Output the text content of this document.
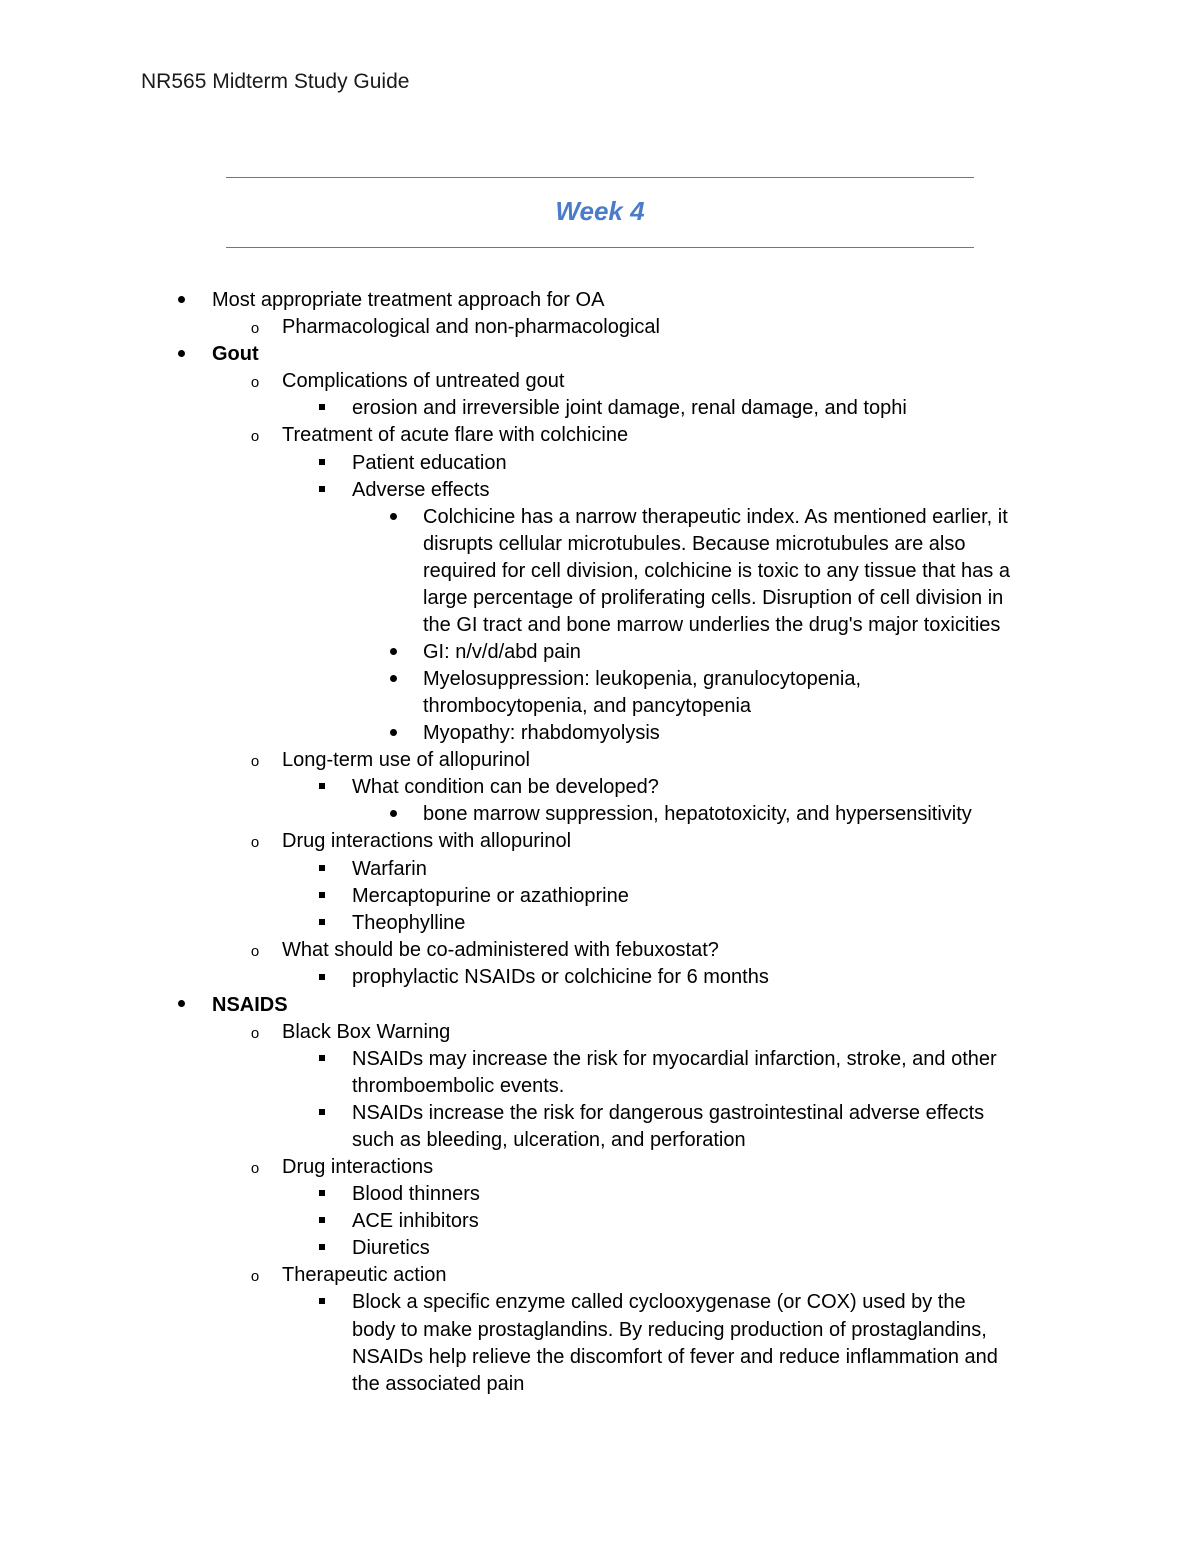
NR565 Midterm Study Guide
Week 4
Most appropriate treatment approach for OA
o	Pharmacological and non-pharmacological
Gout
o	Complications of untreated gout
erosion and irreversible joint damage, renal damage, and tophi
o	Treatment of acute flare with colchicine
Patient education
Adverse effects
Colchicine has a narrow therapeutic index. As mentioned earlier, it
disrupts cellular microtubules. Because microtubules are also
required for cell division, colchicine is toxic to any tissue that has a
large percentage of proliferating cells. Disruption of cell division in
the GI tract and bone marrow underlies the drug's major toxicities
GI: n/v/d/abd pain
Myelosuppression: leukopenia, granulocytopenia,
thrombocytopenia, and pancytopenia
Myopathy: rhabdomyolysis
o	Long-term use of allopurinol
What condition can be developed?
bone marrow suppression, hepatotoxicity, and hypersensitivity
o	Drug interactions with allopurinol
Warfarin
Mercaptopurine or azathioprine
Theophylline
o	What should be co-administered with febuxostat?
prophylactic NSAIDs or colchicine for 6 months
NSAIDS
o	Black Box Warning
NSAIDs may increase the risk for myocardial infarction, stroke, and other
thromboembolic events.
NSAIDs increase the risk for dangerous gastrointestinal adverse effects
such as bleeding, ulceration, and perforation
o	Drug interactions
Blood thinners
ACE inhibitors
Diuretics
o	Therapeutic action
Block a specific enzyme called cyclooxygenase (or COX) used by the
body to make prostaglandins. By reducing production of prostaglandins,
NSAIDs help relieve the discomfort of fever and reduce inflammation and
the associated pain
